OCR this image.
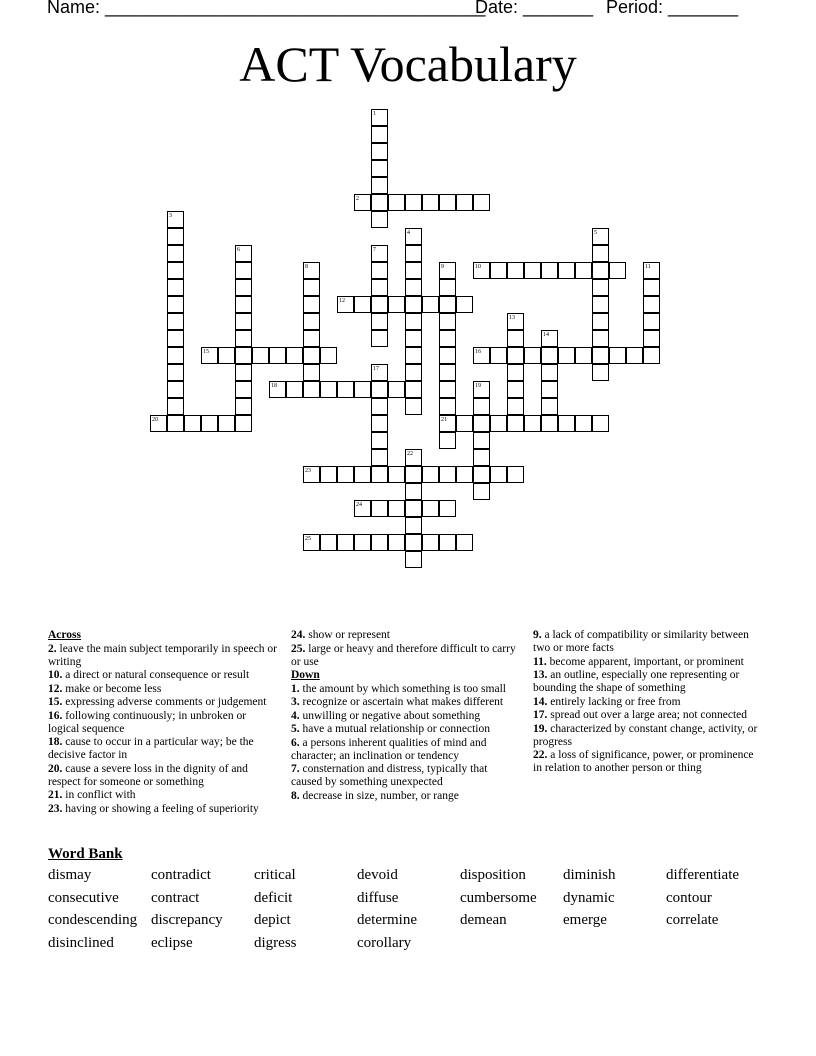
Name: ______________________________________
Date: _______ Period: _______
ACT Vocabulary
1
2
3
4	5
6	7
8	9	10	11
12
13
14
15	16
17
18	19
20	21
22
23
24
25
Across
2. leave the main subject temporarily in speech or writing
10. a direct or natural consequence or result
12. make or become less
15. expressing adverse comments or judgement
16. following continuously; in unbroken or logical sequence
18. cause to occur in a particular way; be the decisive factor in
20. cause a severe loss in the dignity of and respect for someone or something
21. in conflict with
23. having or showing a feeling of superiority
24. show or represent
25. large or heavy and therefore difficult to carry or use
Down
1. the amount by which something is too small
3. recognize or ascertain what makes different
4. unwilling or negative about something
5. have a mutual relationship or connection
6. a persons inherent qualities of mind and character; an inclination or tendency
7. consternation and distress, typically that caused by something unexpected
8. decrease in size, number, or range
9. a lack of compatibility or similarity between two or more facts
11. become apparent, important, or prominent
13. an outline, especially one representing or bounding the shape of something
14. entirely lacking or free from
17. spread out over a large area; not connected
19. characterized by constant change, activity, or progress
22. a loss of significance, power, or prominence in relation to another person or thing
Word Bank
dismay	contradict	critical	devoid	disposition	diminish	differentiate
consecutive	contract	deficit	diffuse	cumbersome	dynamic	contour
condescending discrepancy	depict	determine	demean	emerge	correlate
disinclined	eclipse	digress	corollary
